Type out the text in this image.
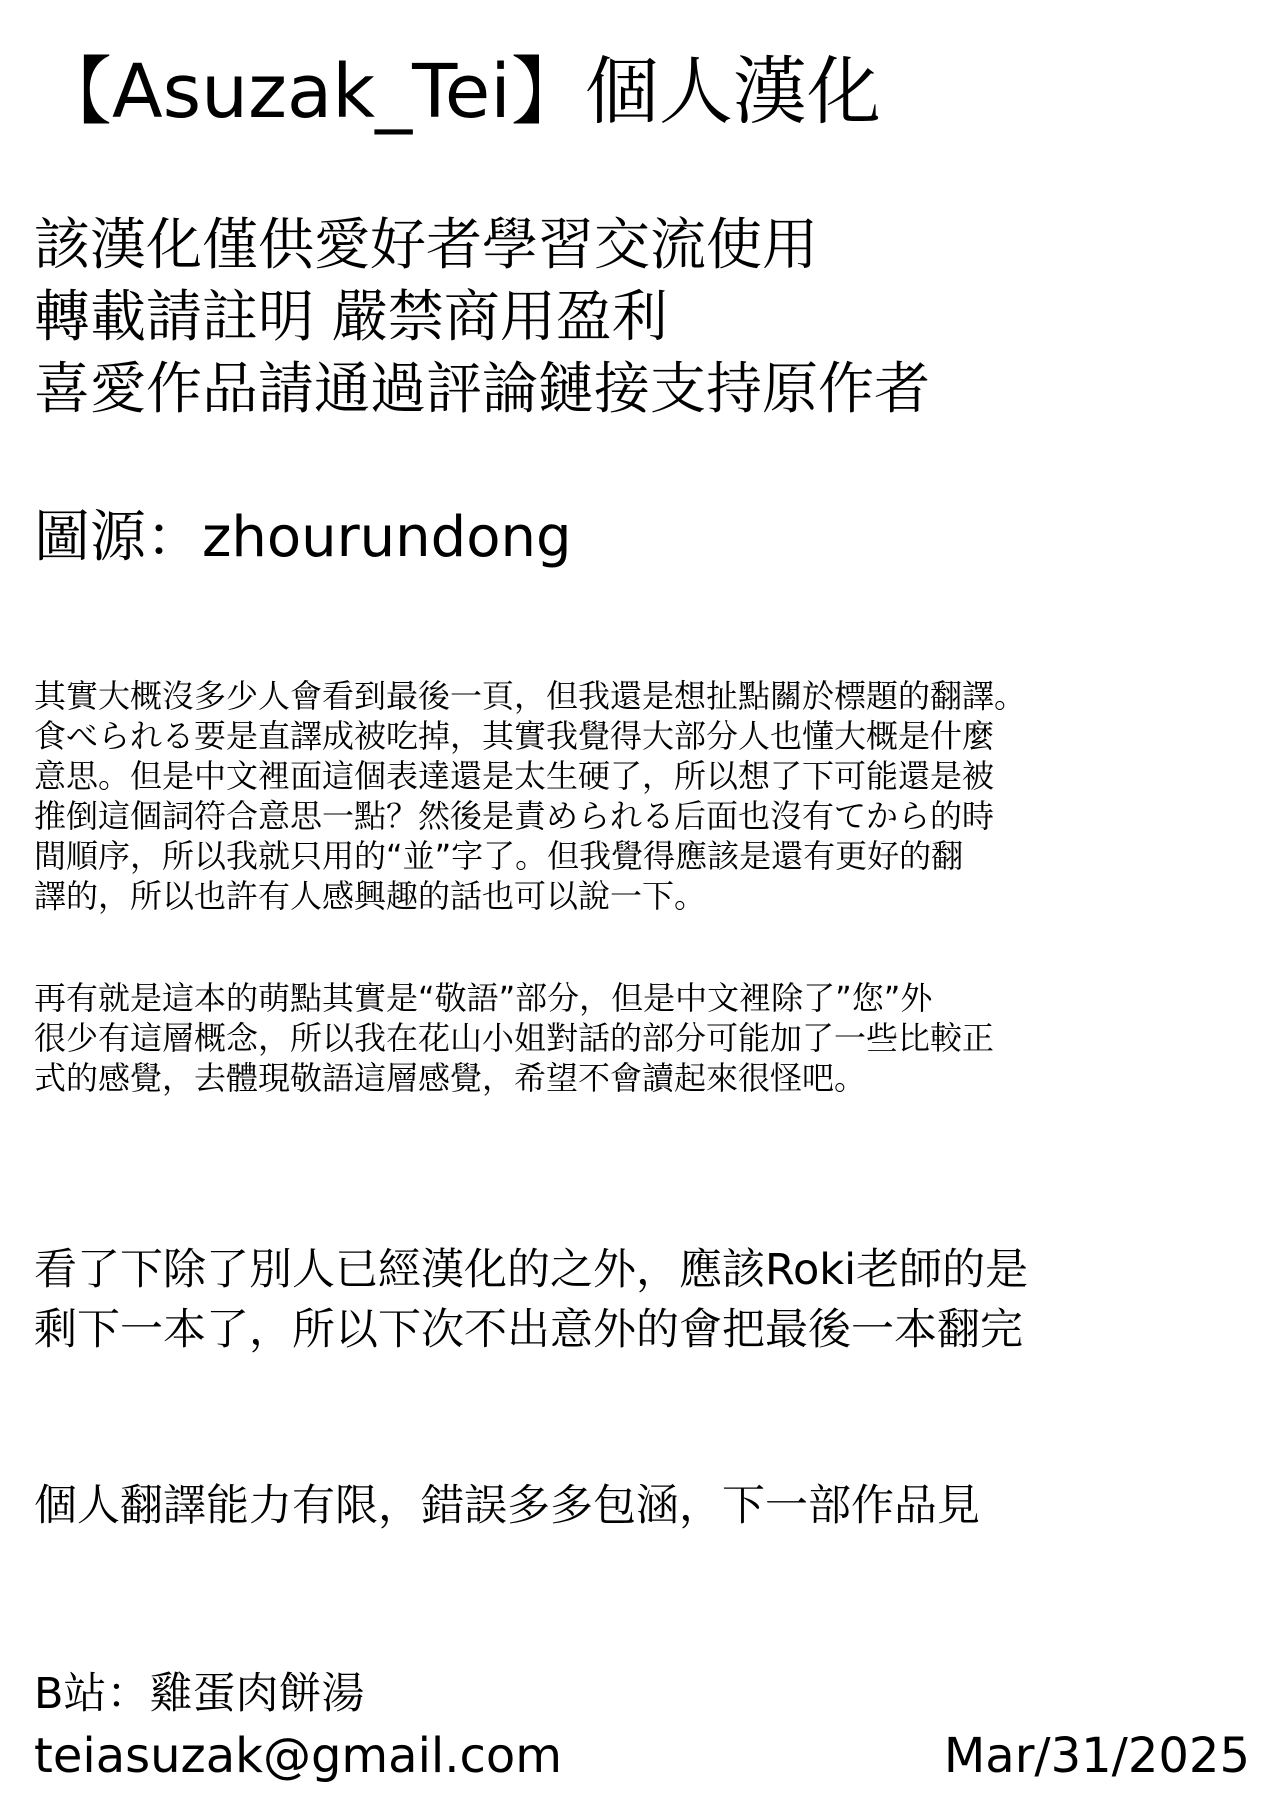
【Asuzak_Tei】個人漢化
該漢化僅供愛好者學習交流使用
轉載請註明 嚴禁商用盈利
喜愛作品請通過評論鏈接支持原作者
圖源：zhourundong
其實大概沒多少人會看到最後一頁，但我還是想扯點關於標題的翻譯。
食べられる要是直譯成被吃掉，其實我覺得大部分人也懂大概是什麼
意思。但是中文裡面這個表達還是太生硬了，所以想了下可能還是被
推倒這個詞符合意思一點？然後是責められる后面也沒有てから的時
間順序，所以我就只用的“並”字了。但我覺得應該是還有更好的翻
譯的，所以也許有人感興趣的話也可以說一下。
再有就是這本的萌點其實是“敬語”部分，但是中文裡除了”您”外
很少有這層概念，所以我在花山小姐對話的部分可能加了一些比較正
式的感覺，去體現敬語這層感覺，希望不會讀起來很怪吧。
看了下除了別人已經漢化的之外，應該Roki老師的是
剩下一本了，所以下次不出意外的會把最後一本翻完
個人翻譯能力有限，錯誤多多包涵，下一部作品見
B站：雞蛋肉餅湯
teiasuzak@gmail.com	Mar/31/2025
